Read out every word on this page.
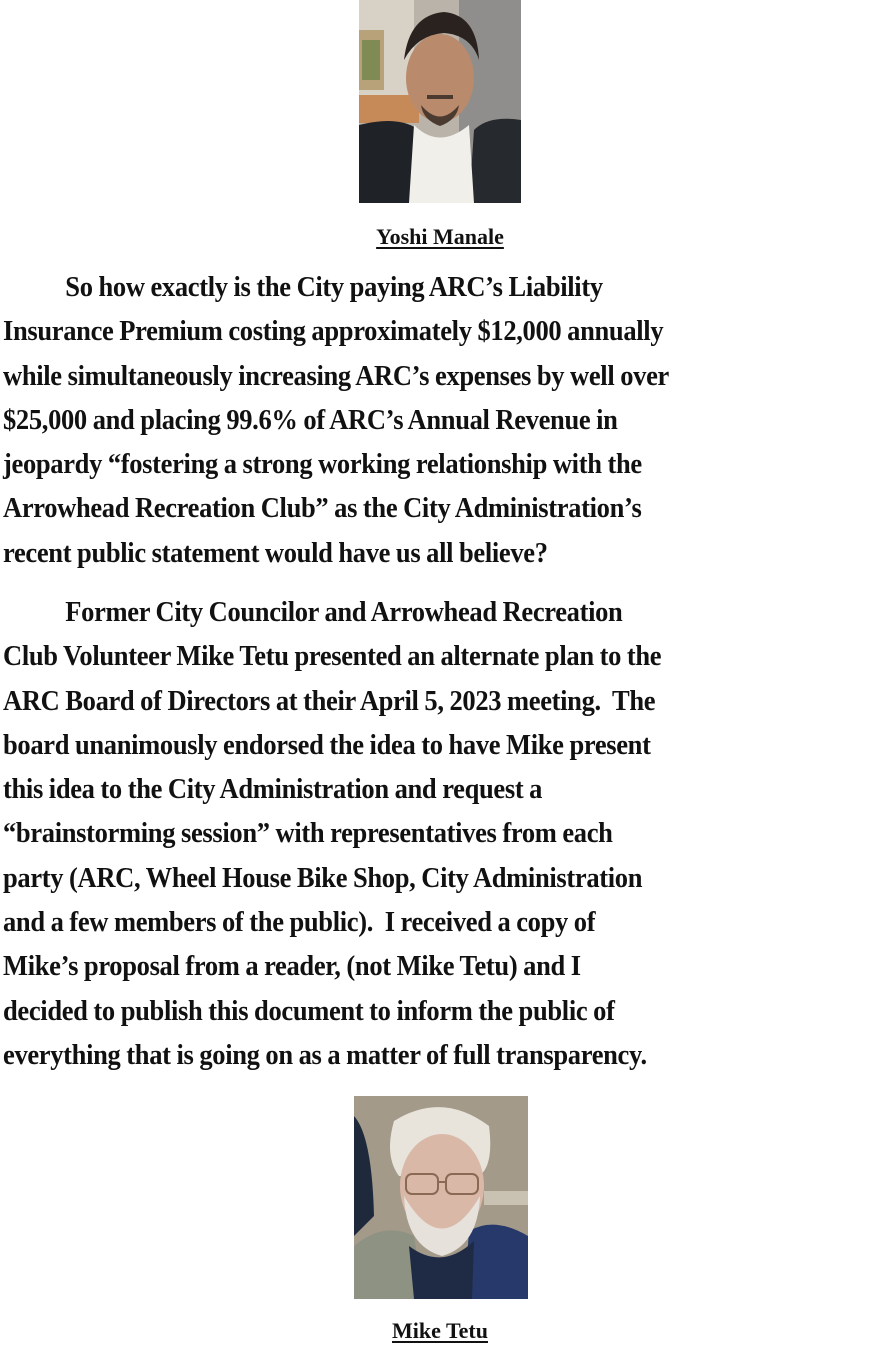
Yoshi Manale

So how exactly is the City paying ARC’s Liability
Insurance Premium costing approximately $12,000 annually
while simultaneously increasing ARC’s expenses by well over
$25,000 and placing 99.6% of ARC’s Annual Revenue in
jeopardy “fostering a strong working relationship with the
Arrowhead Recreation Club” as the City Administration’s
recent public statement would have us all believe?

Former City Councilor and Arrowhead Recreation
Club Volunteer Mike Tetu presented an alternate plan to the
ARC Board of Directors at their April 5, 2023 meeting.  The
board unanimously endorsed the idea to have Mike present
this idea to the City Administration and request a
“brainstorming session” with representatives from each
party (ARC, Wheel House Bike Shop, City Administration
and a few members of the public).  I received a copy of
Mike’s proposal from a reader, (not Mike Tetu) and I
decided to publish this document to inform the public of
everything that is going on as a matter of full transparency.

Mike Tetu
